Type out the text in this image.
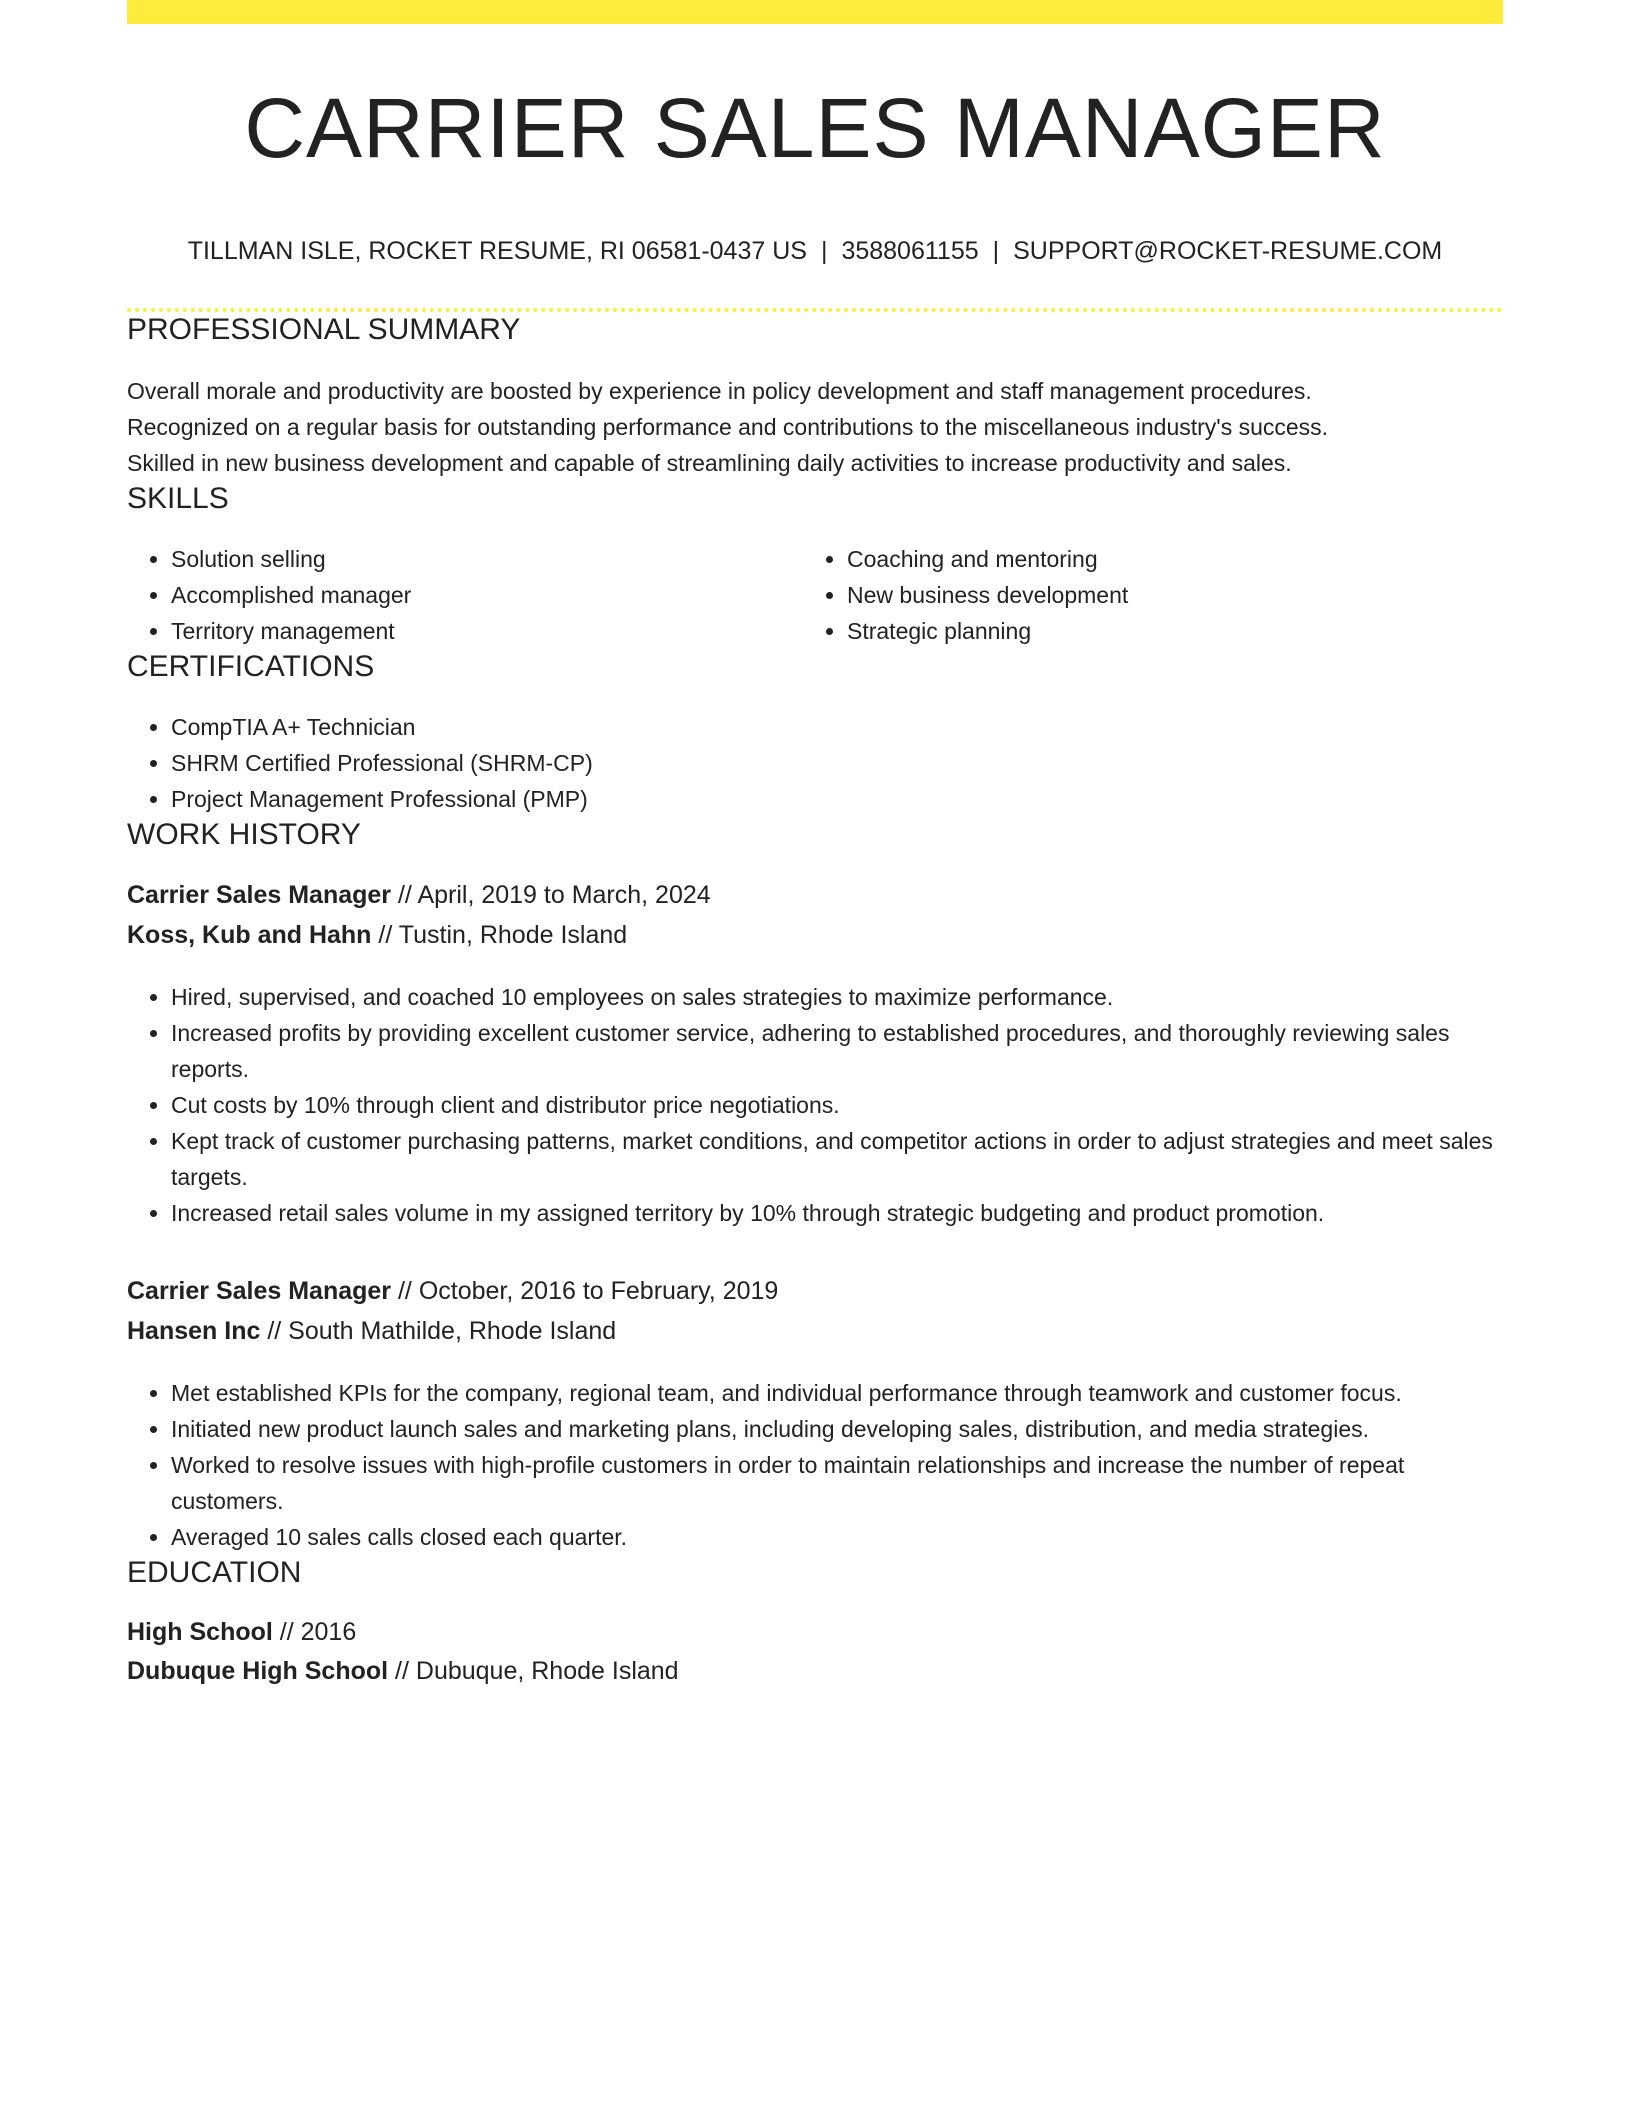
CARRIER SALES MANAGER
TILLMAN ISLE, ROCKET RESUME, RI 06581-0437 US | 3588061155 | SUPPORT@ROCKET-RESUME.COM
PROFESSIONAL SUMMARY

Overall morale and productivity are boosted by experience in policy development and staff management procedures.

Recognized on a regular basis for outstanding performance and contributions to the miscellaneous industry's success.

Skilled in new business development and capable of streamlining daily activities to increase productivity and sales.

SKILLS
• Solution selling
• Accomplished manager
• Territory management
• Coaching and mentoring
• New business development
• Strategic planning
CERTIFICATIONS
• CompTIA A+ Technician
• SHRM Certified Professional (SHRM-CP)
• Project Management Professional (PMP)
WORK HISTORY
Carrier Sales Manager // April, 2019 to March, 2024
Koss, Kub and Hahn // Tustin, Rhode Island
• Hired, supervised, and coached 10 employees on sales strategies to maximize performance.
• Increased profits by providing excellent customer service, adhering to established procedures, and thoroughly reviewing sales reports.
• Cut costs by 10% through client and distributor price negotiations.
• Kept track of customer purchasing patterns, market conditions, and competitor actions in order to adjust strategies and meet sales targets.
• Increased retail sales volume in my assigned territory by 10% through strategic budgeting and product promotion.
Carrier Sales Manager // October, 2016 to February, 2019
Hansen Inc // South Mathilde, Rhode Island
• Met established KPIs for the company, regional team, and individual performance through teamwork and customer focus.
• Initiated new product launch sales and marketing plans, including developing sales, distribution, and media strategies.
• Worked to resolve issues with high-profile customers in order to maintain relationships and increase the number of repeat customers.
• Averaged 10 sales calls closed each quarter.
EDUCATION
High School // 2016
Dubuque High School // Dubuque, Rhode Island
